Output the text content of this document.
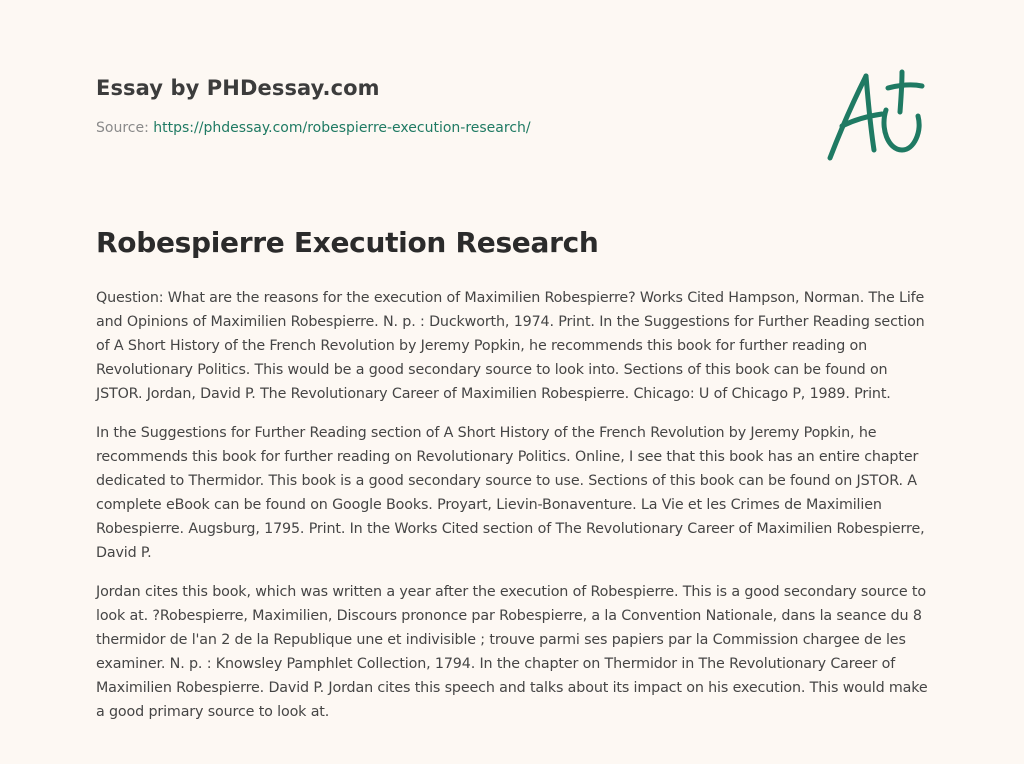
Essay by PHDessay.com
Source: https://phdessay.com/robespierre-execution-research/
Robespierre Execution Research

Question: What are the reasons for the execution of Maximilien Robespierre? Works Cited Hampson, Norman. The Life and Opinions of Maximilien Robespierre. N. p. : Duckworth, 1974. Print. In the Suggestions for Further Reading section of A Short History of the French Revolution by Jeremy Popkin, he recommends this book for further reading on Revolutionary Politics. This would be a good secondary source to look into. Sections of this book can be found on JSTOR. Jordan, David P. The Revolutionary Career of Maximilien Robespierre. Chicago: U of Chicago P, 1989. Print.

In the Suggestions for Further Reading section of A Short History of the French Revolution by Jeremy Popkin, he recommends this book for further reading on Revolutionary Politics. Online, I see that this book has an entire chapter dedicated to Thermidor. This book is a good secondary source to use. Sections of this book can be found on JSTOR. A complete eBook can be found on Google Books. Proyart, Lievin-Bonaventure. La Vie et les Crimes de Maximilien Robespierre. Augsburg, 1795. Print. In the Works Cited section of The Revolutionary Career of Maximilien Robespierre, David P.

Jordan cites this book, which was written a year after the execution of Robespierre. This is a good secondary source to look at. ?Robespierre, Maximilien, Discours prononce par Robespierre, a la Convention Nationale, dans la seance du 8 thermidor de l'an 2 de la Republique une et indivisible ; trouve parmi ses papiers par la Commission chargee de les examiner. N. p. : Knowsley Pamphlet Collection, 1794. In the chapter on Thermidor in The Revolutionary Career of Maximilien Robespierre. David P. Jordan cites this speech and talks about its impact on his execution. This would make a good primary source to look at.
